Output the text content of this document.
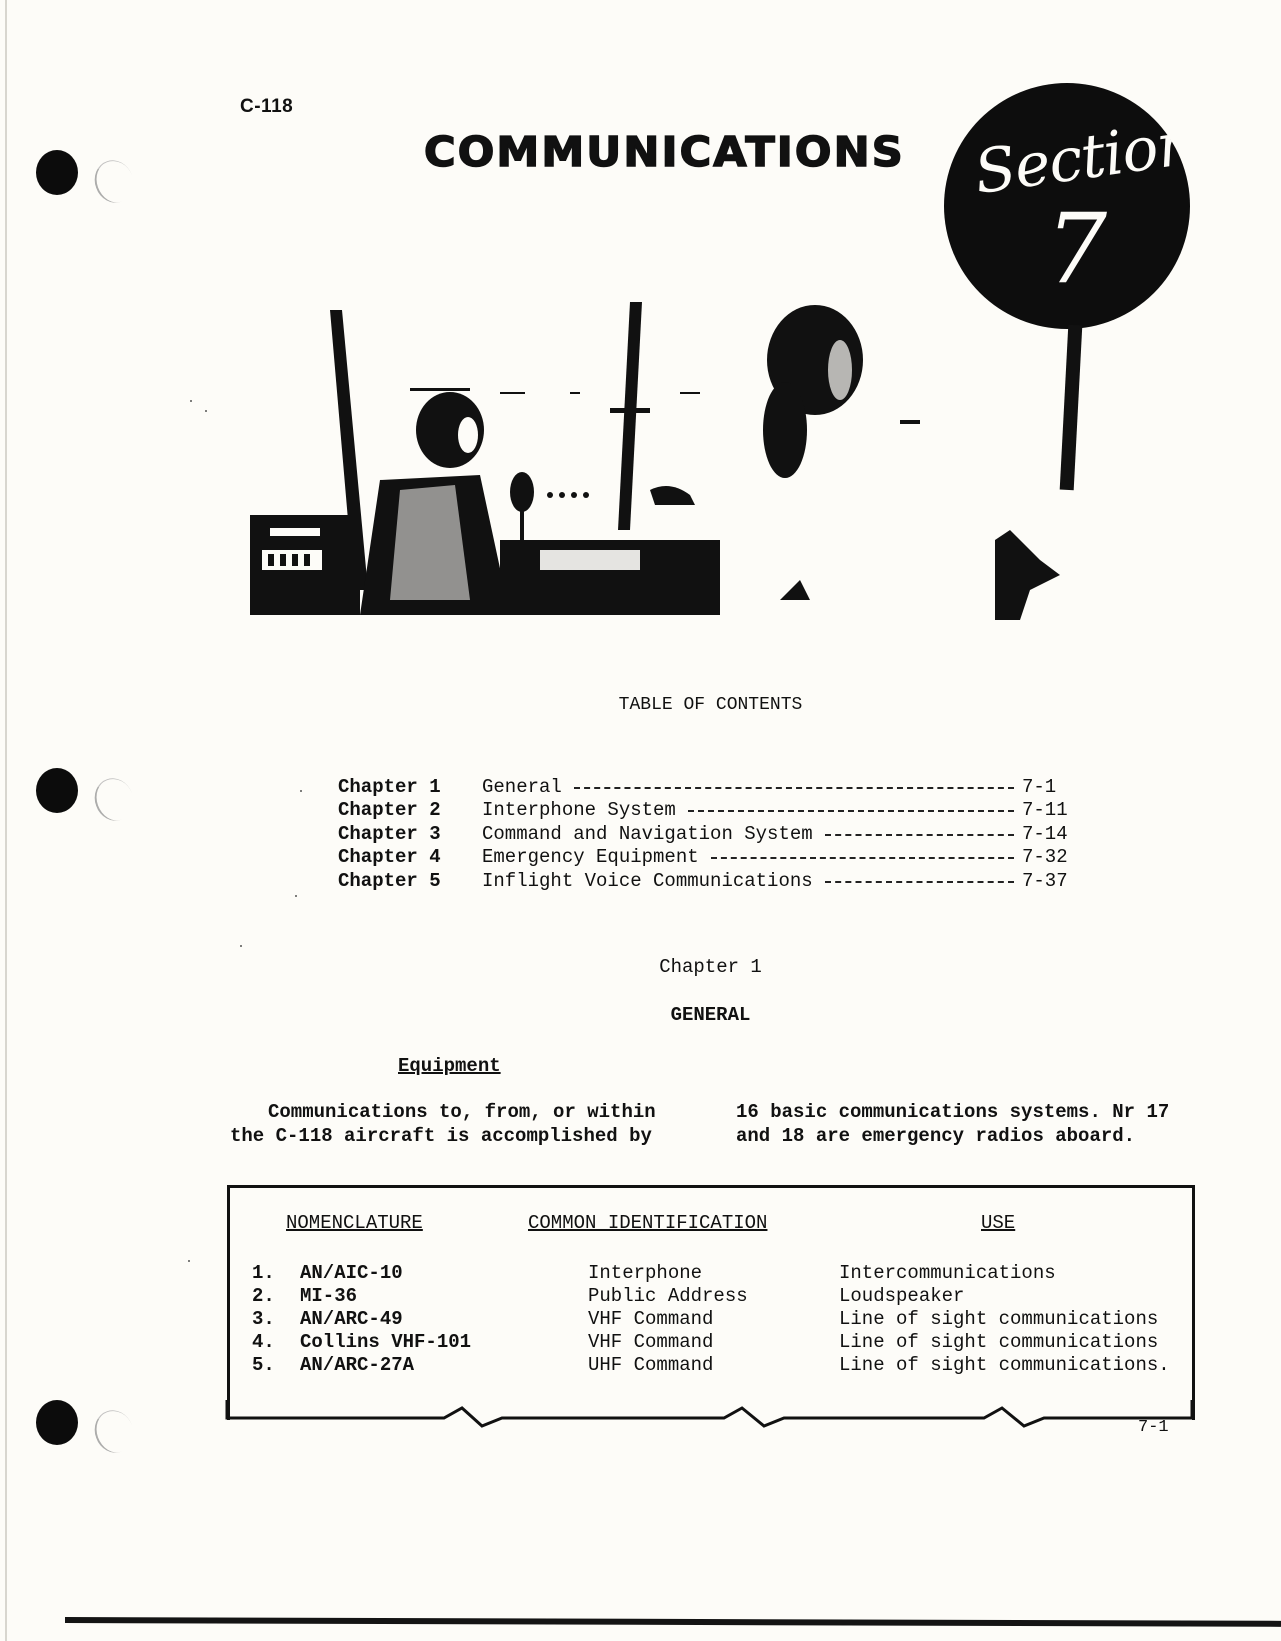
C-118
COMMUNICATIONS Section
7
TABLE OF CONTENTS
Chapter 1	General	7-1
Chapter 2	Interphone System	7-11
Chapter 3	Command and Navigation System	7-14
Chapter 4	Emergency Equipment	7-32
Chapter 5	Inflight Voice Communications	7-37
Chapter 1
GENERAL
Equipment
Communications to, from, or within
the C-118 aircraft is accomplished by
16 basic communications systems. Nr 17
and 18 are emergency radios aboard.
NOMENCLATURE	COMMON IDENTIFICATION	USE
1. AN/AIC-10	Interphone	Intercommunications
2. MI-36	Public Address	Loudspeaker
3. AN/ARC-49	VHF Command	Line of sight communications
4. Collins VHF-101	VHF Command	Line of sight communications
5. AN/ARC-27A	UHF Command	Line of sight communications.
7-1
